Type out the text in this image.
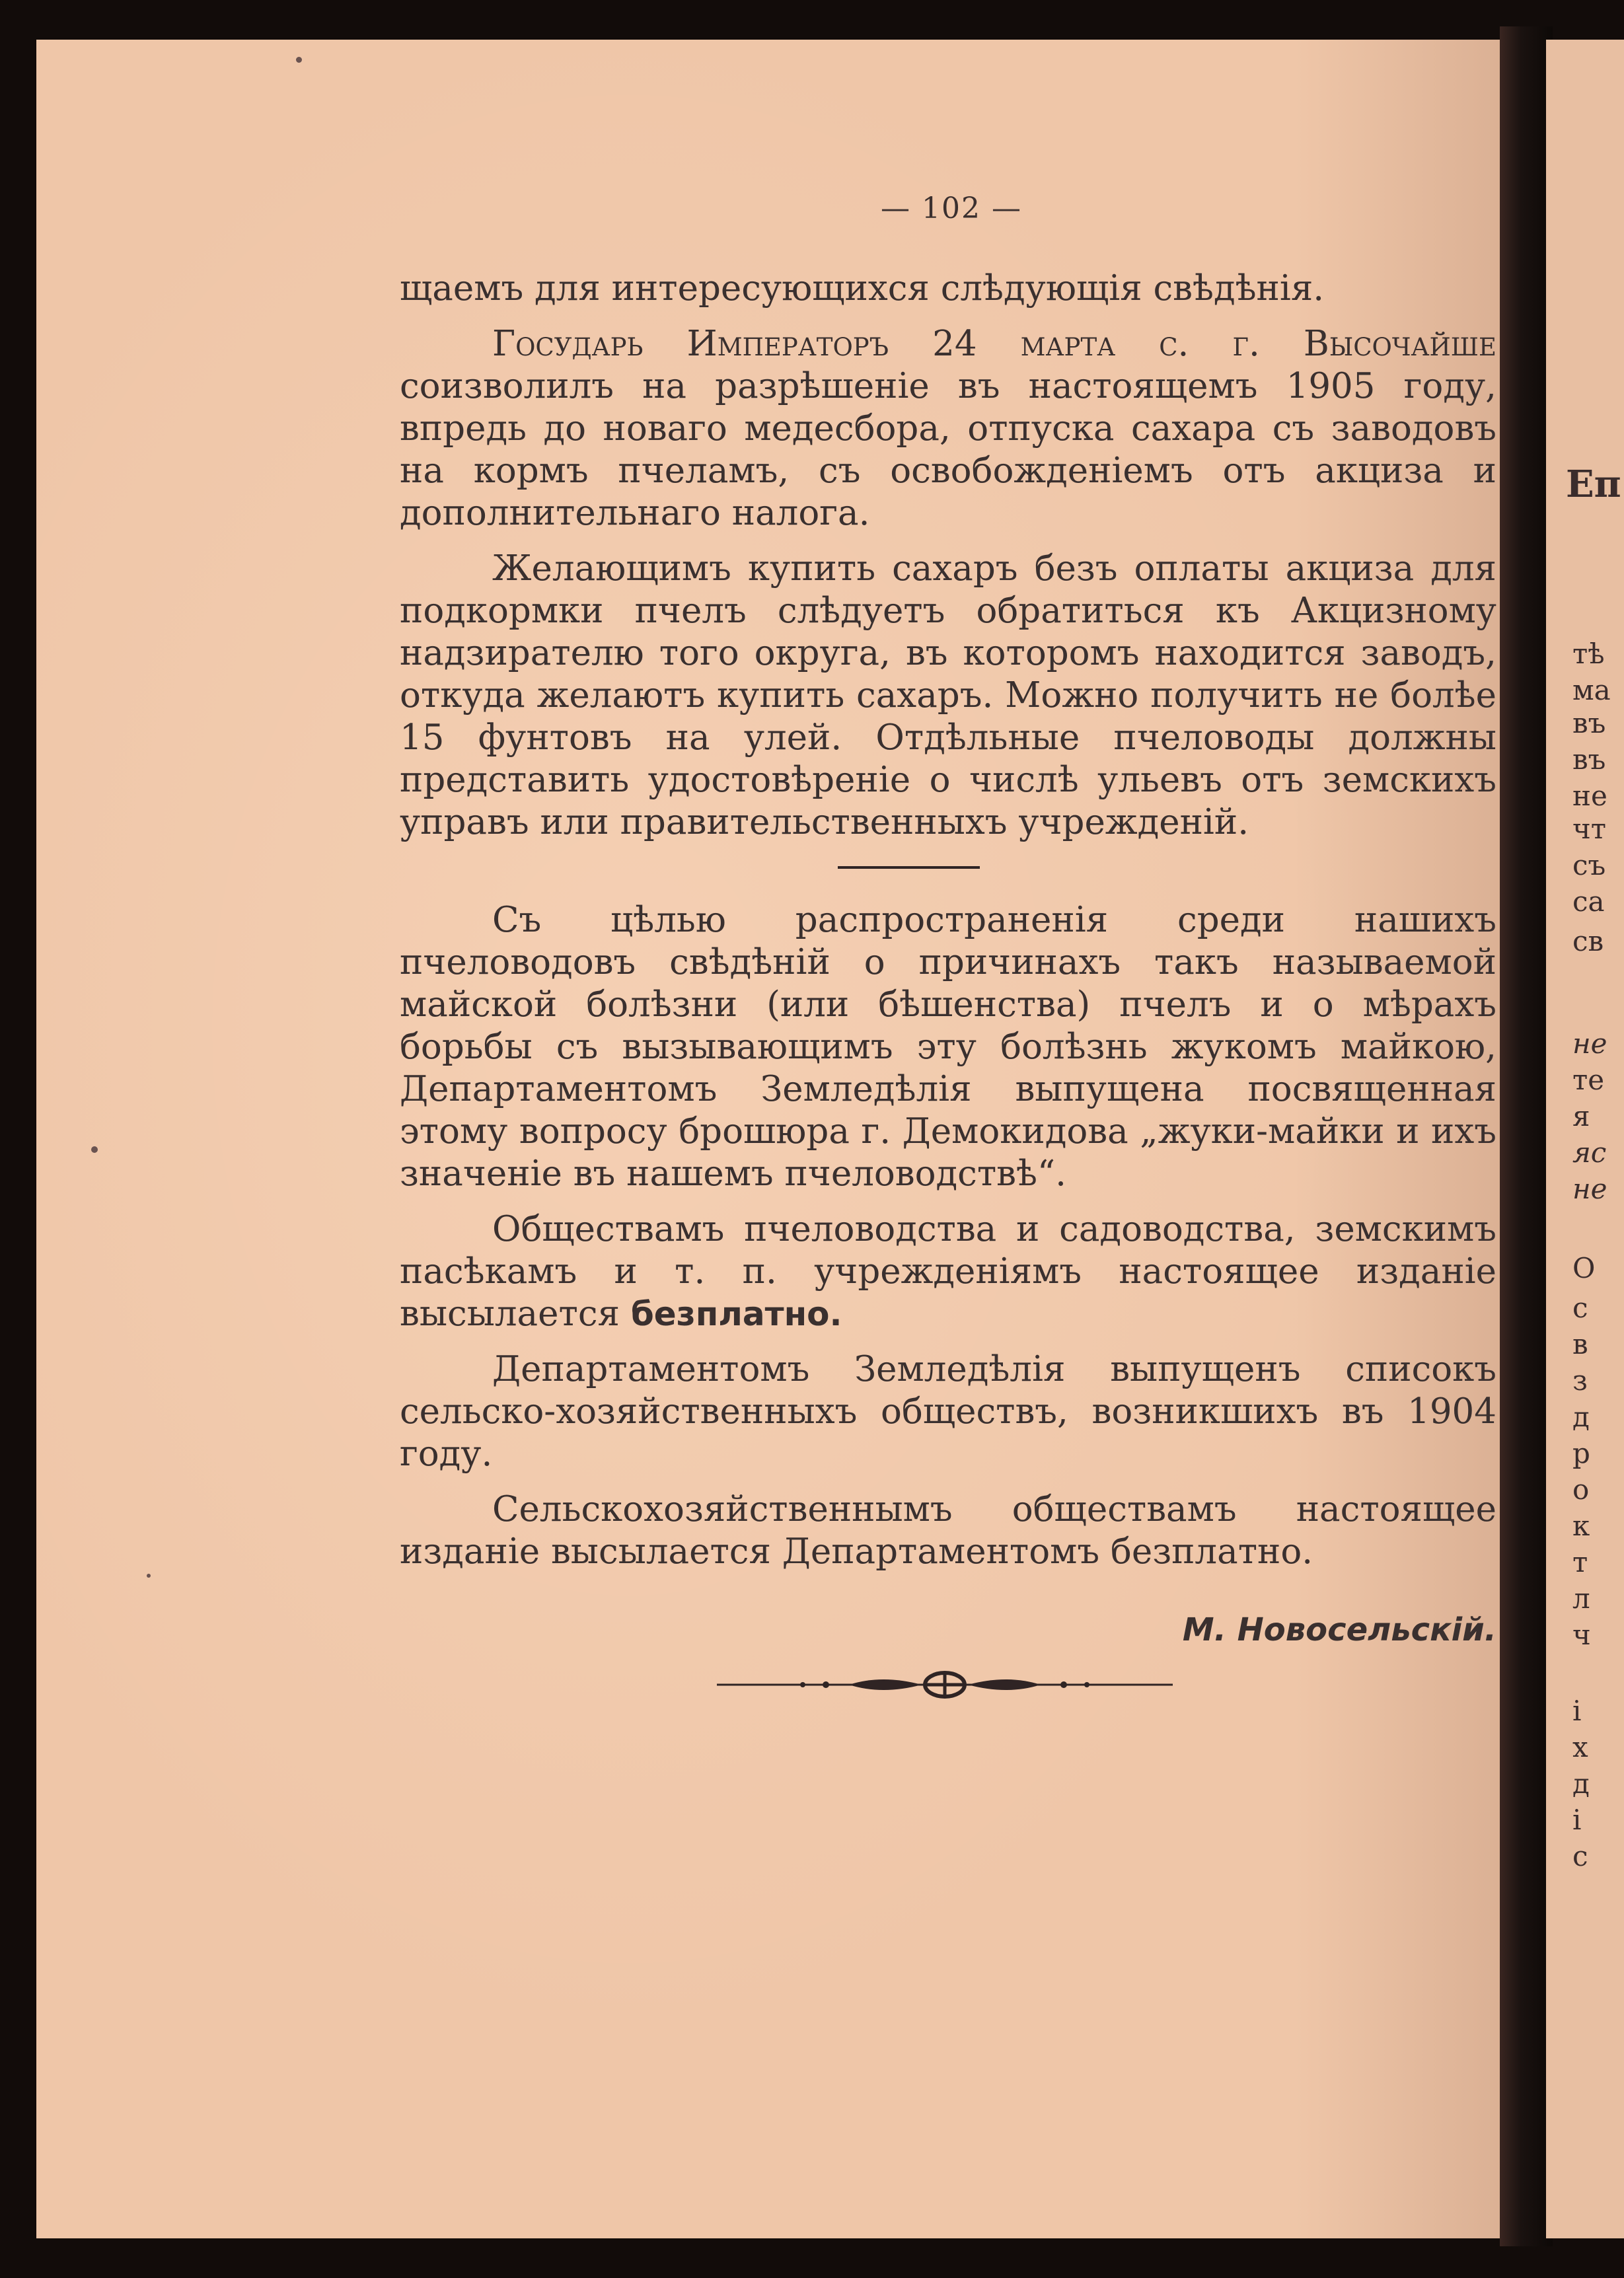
Еп
тѣ
ма
въ
въ
не
чт
съ
са
св
не
те
я
яс
не
О
с
в
з
д
р
о
к
т
л
ч
і
х
д
і
с
— 102 —

щаемъ для интересующихся слѣдующія свѣдѣнія.

Государь Императоръ 24 марта с. г. Высочайше соизволилъ на разрѣшеніе въ настоящемъ 1905 году, впредь до новаго медесбора, отпуска сахара съ заводовъ на кормъ пчеламъ, съ освобожденіемъ отъ акциза и дополнительнаго налога.

Желающимъ купить сахаръ безъ оплаты акциза для подкормки пчелъ слѣдуетъ обратиться къ Акцизному надзирателю того округа, въ которомъ находится заводъ, откуда желаютъ купить сахаръ. Можно получить не болѣе 15 фунтовъ на улей. Отдѣльные пчеловоды должны представить удостовѣреніе о числѣ ульевъ отъ земскихъ управъ или правительственныхъ учрежденій.

Съ цѣлью распространенія среди нашихъ пчеловодовъ свѣдѣній о причинахъ такъ называемой майской болѣзни (или бѣшенства) пчелъ и о мѣрахъ борьбы съ вызывающимъ эту болѣзнь жукомъ майкою, Департаментомъ Земледѣлія выпущена посвященная этому вопросу брошюра г. Демокидова „жуки-майки и ихъ значеніе въ нашемъ пчеловодствѣ“.

Обществамъ пчеловодства и садоводства, земскимъ пасѣкамъ и т. п. учрежденіямъ настоящее изданіе высылается безплатно.

Департаментомъ Земледѣлія выпущенъ списокъ сельско-хозяйственныхъ обществъ, возникшихъ въ 1904 году.

Сельскохозяйственнымъ обществамъ настоящее изданіе высылается Департаментомъ безплатно.

М. Новосельскій.
